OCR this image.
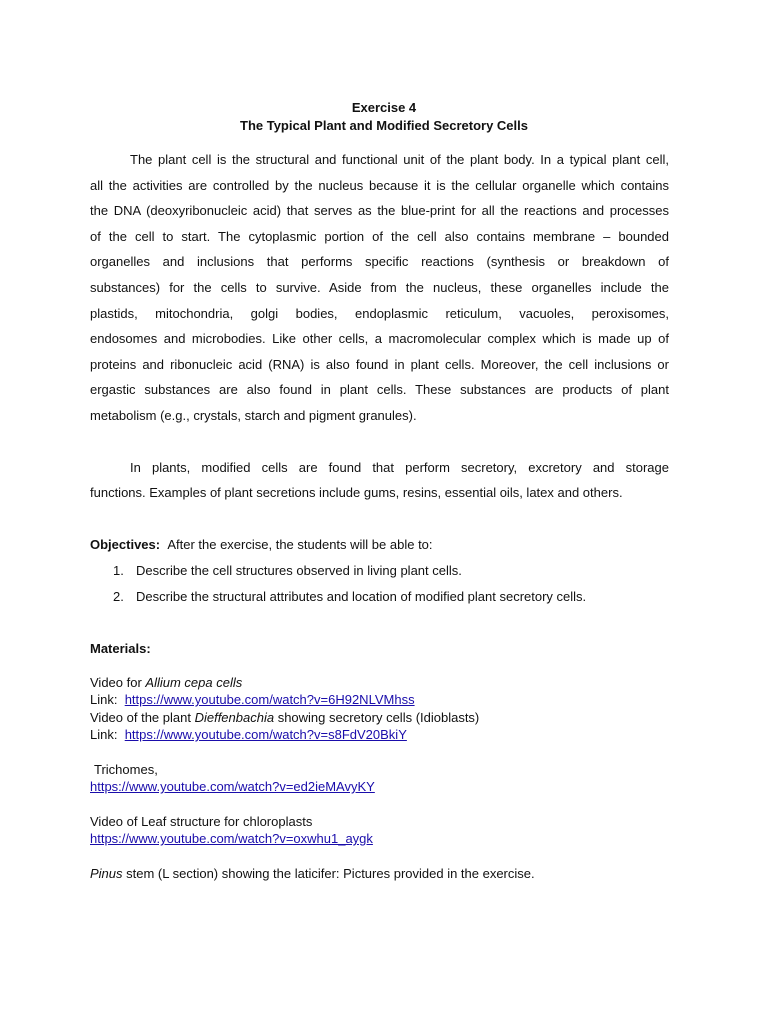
Exercise 4
The Typical Plant and Modified Secretory Cells
The plant cell is the structural and functional unit of the plant body. In a typical plant cell,
all the activities are controlled by the nucleus because it is the cellular organelle which contains
the DNA (deoxyribonucleic acid) that serves as the blue-print for all the reactions and processes
of the cell to start. The cytoplasmic portion of the cell also contains membrane – bounded
organelles and inclusions that performs specific reactions (synthesis or breakdown of
substances) for the cells to survive. Aside from the nucleus, these organelles include the
plastids, mitochondria, golgi bodies, endoplasmic reticulum, vacuoles, peroxisomes,
endosomes and microbodies. Like other cells, a macromolecular complex which is made up of
proteins and ribonucleic acid (RNA) is also found in plant cells. Moreover, the cell inclusions or
ergastic substances are also found in plant cells. These substances are products of plant
metabolism (e.g., crystals, starch and pigment granules).
In plants, modified cells are found that perform secretory, excretory and storage
functions. Examples of plant secretions include gums, resins, essential oils, latex and others.
Objectives: After the exercise, the students will be able to:
1. Describe the cell structures observed in living plant cells.
2. Describe the structural attributes and location of modified plant secretory cells.
Materials:
Video for Allium cepa cells
Link: https://www.youtube.com/watch?v=6H92NLVMhss
Video of the plant Dieffenbachia showing secretory cells (Idioblasts)
Link: https://www.youtube.com/watch?v=s8FdV20BkiY
Trichomes,
https://www.youtube.com/watch?v=ed2ieMAvyKY
Video of Leaf structure for chloroplasts
https://www.youtube.com/watch?v=oxwhu1_aygk
Pinus stem (L section) showing the laticifer: Pictures provided in the exercise.
